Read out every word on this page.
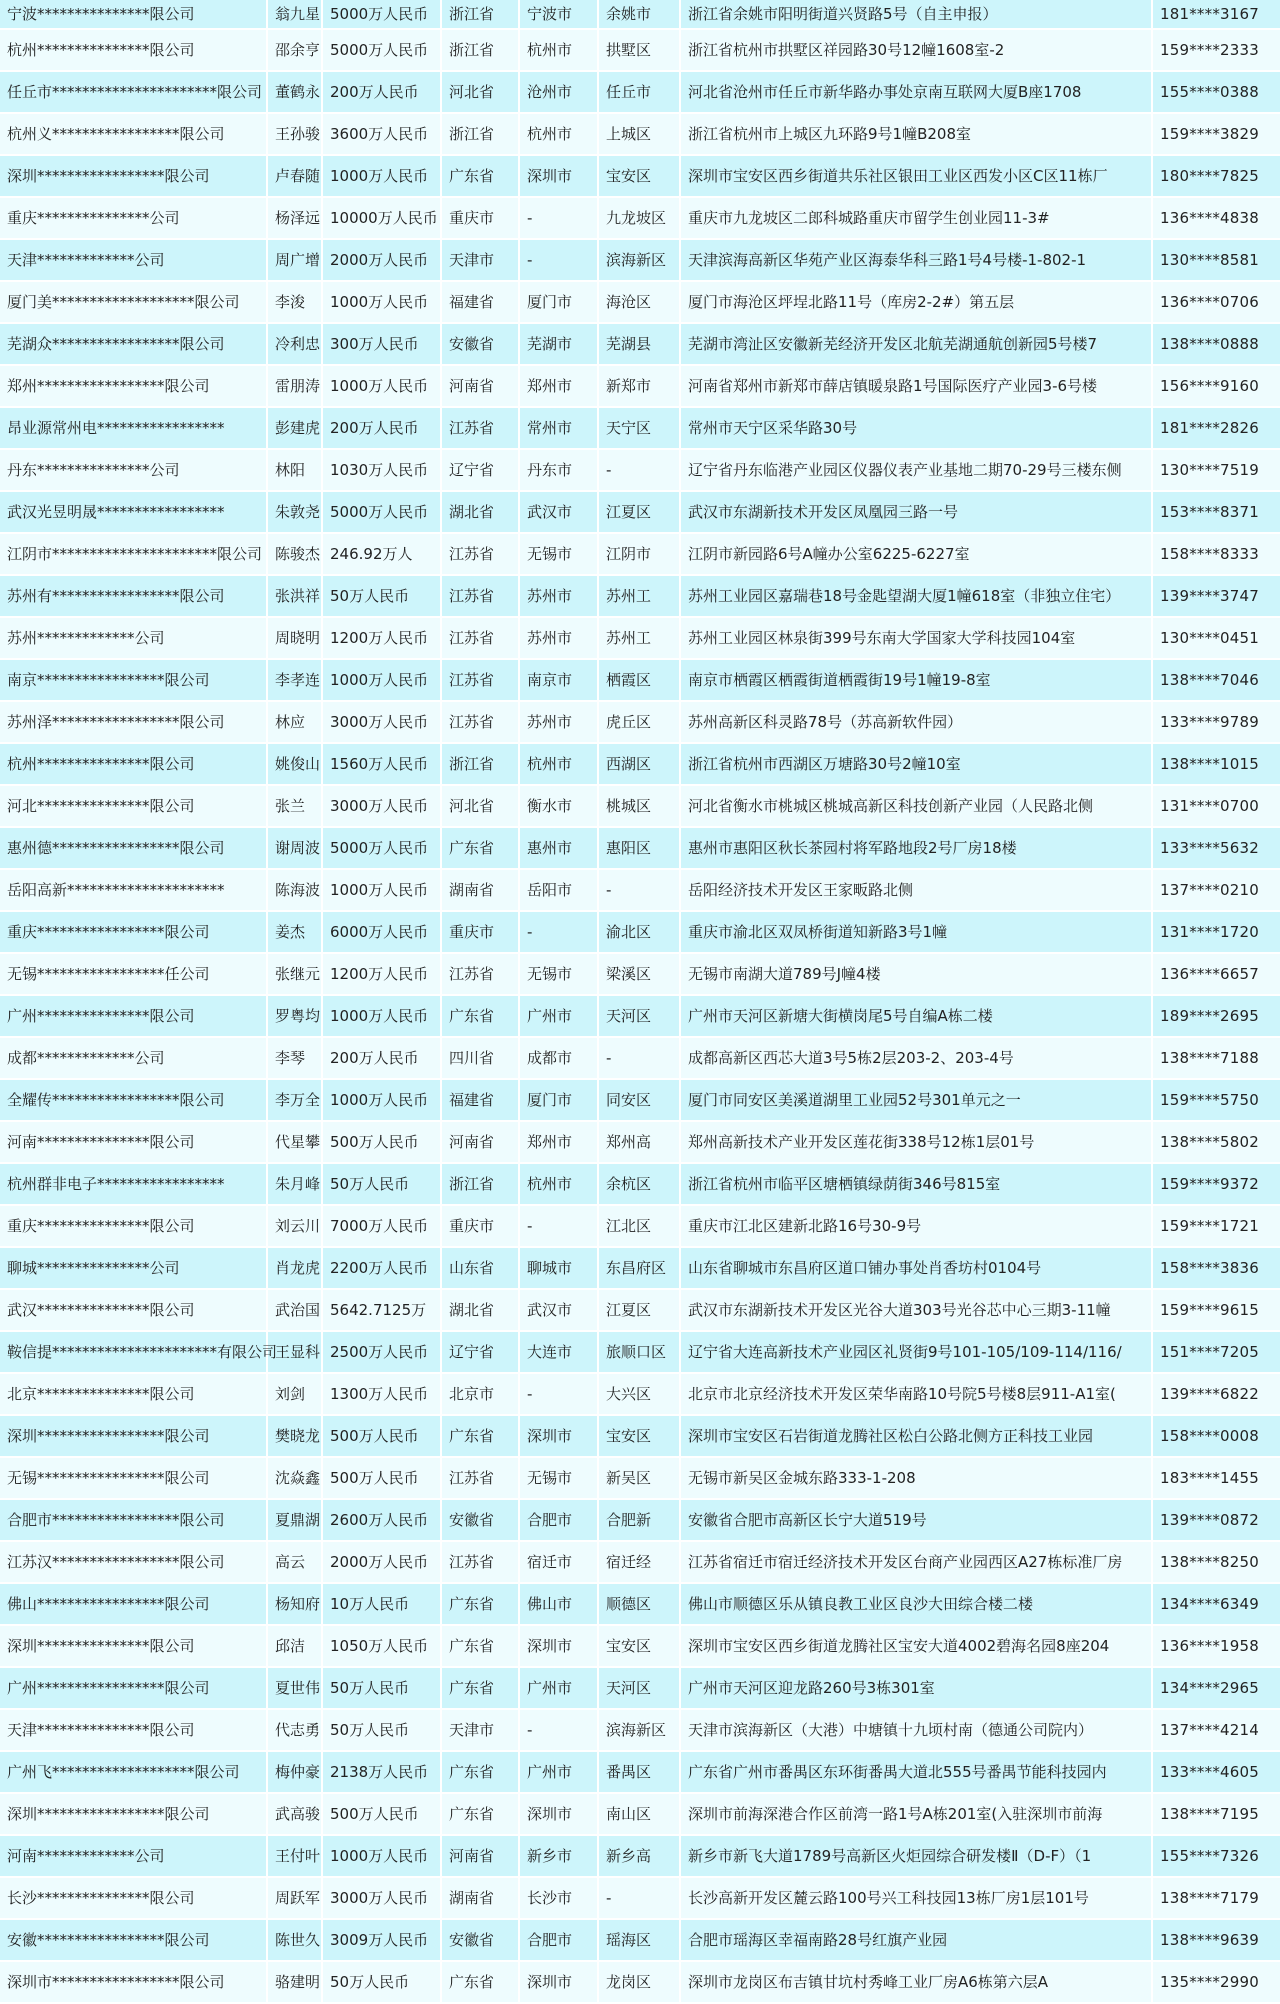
宁波***************限公司	翁九星	5000万人民币	浙江省	宁波市	余姚市	浙江省余姚市阳明街道兴贤路5号（自主申报）	181****3167
杭州***************限公司	邵余亨	5000万人民币	浙江省	杭州市	拱墅区	浙江省杭州市拱墅区祥园路30号12幢1608室-2	159****2333
任丘市**********************限公司	董鹤永	200万人民币	河北省	沧州市	任丘市	河北省沧州市任丘市新华路办事处京南互联网大厦B座1708	155****0388
杭州义*****************限公司	王孙骏	3600万人民币	浙江省	杭州市	上城区	浙江省杭州市上城区九环路9号1幢B208室	159****3829
深圳*****************限公司	卢春随	1000万人民币	广东省	深圳市	宝安区	深圳市宝安区西乡街道共乐社区银田工业区西发小区C区11栋厂	180****7825
重庆***************公司	杨泽远	10000万人民币	重庆市	-	九龙坡区	重庆市九龙坡区二郎科城路重庆市留学生创业园11-3#	136****4838
天津*************公司	周广增	2000万人民币	天津市	-	滨海新区	天津滨海高新区华苑产业区海泰华科三路1号4号楼-1-802-1	130****8581
厦门美*******************限公司	李浚	1000万人民币	福建省	厦门市	海沧区	厦门市海沧区坪埕北路11号（库房2-2#）第五层	136****0706
芜湖众*****************限公司	冷利忠	300万人民币	安徽省	芜湖市	芜湖县	芜湖市湾沚区安徽新芜经济开发区北航芜湖通航创新园5号楼7	138****0888
郑州*****************限公司	雷朋涛	1000万人民币	河南省	郑州市	新郑市	河南省郑州市新郑市薛店镇暖泉路1号国际医疗产业园3-6号楼	156****9160
昂业源常州电*****************	彭建虎	200万人民币	江苏省	常州市	天宁区	常州市天宁区采华路30号	181****2826
丹东***************公司	林阳	1030万人民币	辽宁省	丹东市	-	辽宁省丹东临港产业园区仪器仪表产业基地二期70-29号三楼东侧	130****7519
武汉光昱明晟*****************	朱敦尧	5000万人民币	湖北省	武汉市	江夏区	武汉市东湖新技术开发区凤凰园三路一号	153****8371
江阴市**********************限公司	陈骏杰	246.92万人	江苏省	无锡市	江阴市	江阴市新园路6号A幢办公室6225-6227室	158****8333
苏州有*****************限公司	张洪祥	50万人民币	江苏省	苏州市	苏州工	苏州工业园区嘉瑞巷18号金匙望湖大厦1幢618室（非独立住宅）	139****3747
苏州*************公司	周晓明	1200万人民币	江苏省	苏州市	苏州工	苏州工业园区林泉街399号东南大学国家大学科技园104室	130****0451
南京*****************限公司	李孝连	1000万人民币	江苏省	南京市	栖霞区	南京市栖霞区栖霞街道栖霞街19号1幢19-8室	138****7046
苏州泽*****************限公司	林应	3000万人民币	江苏省	苏州市	虎丘区	苏州高新区科灵路78号（苏高新软件园）	133****9789
杭州***************限公司	姚俊山	1560万人民币	浙江省	杭州市	西湖区	浙江省杭州市西湖区万塘路30号2幢10室	138****1015
河北***************限公司	张兰	3000万人民币	河北省	衡水市	桃城区	河北省衡水市桃城区桃城高新区科技创新产业园（人民路北侧	131****0700
惠州德*****************限公司	谢周波	5000万人民币	广东省	惠州市	惠阳区	惠州市惠阳区秋长茶园村将军路地段2号厂房18楼	133****5632
岳阳高新*********************	陈海波	1000万人民币	湖南省	岳阳市	-	岳阳经济技术开发区王家畈路北侧	137****0210
重庆*****************限公司	姜杰	6000万人民币	重庆市	-	渝北区	重庆市渝北区双凤桥街道知新路3号1幢	131****1720
无锡*****************任公司	张继元	1200万人民币	江苏省	无锡市	梁溪区	无锡市南湖大道789号J幢4楼	136****6657
广州***************限公司	罗粤均	1000万人民币	广东省	广州市	天河区	广州市天河区新塘大街横岗尾5号自编A栋二楼	189****2695
成都*************公司	李琴	200万人民币	四川省	成都市	-	成都高新区西芯大道3号5栋2层203-2、203-4号	138****7188
全耀传*****************限公司	李万全	1000万人民币	福建省	厦门市	同安区	厦门市同安区美溪道湖里工业园52号301单元之一	159****5750
河南***************限公司	代星攀	500万人民币	河南省	郑州市	郑州高	郑州高新技术产业开发区莲花街338号12栋1层01号	138****5802
杭州群非电子*****************	朱月峰	50万人民币	浙江省	杭州市	余杭区	浙江省杭州市临平区塘栖镇绿荫街346号815室	159****9372
重庆***************限公司	刘云川	7000万人民币	重庆市	-	江北区	重庆市江北区建新北路16号30-9号	159****1721
聊城***************公司	肖龙虎	2200万人民币	山东省	聊城市	东昌府区	山东省聊城市东昌府区道口铺办事处肖香坊村0104号	158****3836
武汉***************限公司	武治国	5642.7125万	湖北省	武汉市	江夏区	武汉市东湖新技术开发区光谷大道303号光谷芯中心三期3-11幢	159****9615
鞍信提**********************有限公司	王显科	2500万人民币	辽宁省	大连市	旅顺口区	辽宁省大连高新技术产业园区礼贤街9号101-105/109-114/116/	151****7205
北京***************限公司	刘剑	1300万人民币	北京市	-	大兴区	北京市北京经济技术开发区荣华南路10号院5号楼8层911-A1室(	139****6822
深圳*****************限公司	樊晓龙	500万人民币	广东省	深圳市	宝安区	深圳市宝安区石岩街道龙腾社区松白公路北侧方正科技工业园	158****0008
无锡*****************限公司	沈焱鑫	500万人民币	江苏省	无锡市	新吴区	无锡市新吴区金城东路333-1-208	183****1455
合肥市*****************限公司	夏鼎湖	2600万人民币	安徽省	合肥市	合肥新	安徽省合肥市高新区长宁大道519号	139****0872
江苏汉*****************限公司	高云	2000万人民币	江苏省	宿迁市	宿迁经	江苏省宿迁市宿迁经济技术开发区台商产业园西区A27栋标准厂房	138****8250
佛山*****************限公司	杨知府	10万人民币	广东省	佛山市	顺德区	佛山市顺德区乐从镇良教工业区良沙大田综合楼二楼	134****6349
深圳***************限公司	邱洁	1050万人民币	广东省	深圳市	宝安区	深圳市宝安区西乡街道龙腾社区宝安大道4002碧海名园8座204	136****1958
广州*****************限公司	夏世伟	50万人民币	广东省	广州市	天河区	广州市天河区迎龙路260号3栋301室	134****2965
天津***************限公司	代志勇	50万人民币	天津市	-	滨海新区	天津市滨海新区（大港）中塘镇十九顷村南（德通公司院内）	137****4214
广州飞*******************限公司	梅仲豪	2138万人民币	广东省	广州市	番禺区	广东省广州市番禺区东环街番禺大道北555号番禺节能科技园内	133****4605
深圳*****************限公司	武高骏	500万人民币	广东省	深圳市	南山区	深圳市前海深港合作区前湾一路1号A栋201室(入驻深圳市前海	138****7195
河南*************公司	王付叶	1000万人民币	河南省	新乡市	新乡高	新乡市新飞大道1789号高新区火炬园综合研发楼Ⅱ（D-F）（1	155****7326
长沙***************限公司	周跃军	3000万人民币	湖南省	长沙市	-	长沙高新开发区麓云路100号兴工科技园13栋厂房1层101号	138****7179
安徽*****************限公司	陈世久	3009万人民币	安徽省	合肥市	瑶海区	合肥市瑶海区幸福南路28号红旗产业园	138****9639
深圳市*****************限公司	骆建明	50万人民币	广东省	深圳市	龙岗区	深圳市龙岗区布吉镇甘坑村秀峰工业厂房A6栋第六层A	135****2990
